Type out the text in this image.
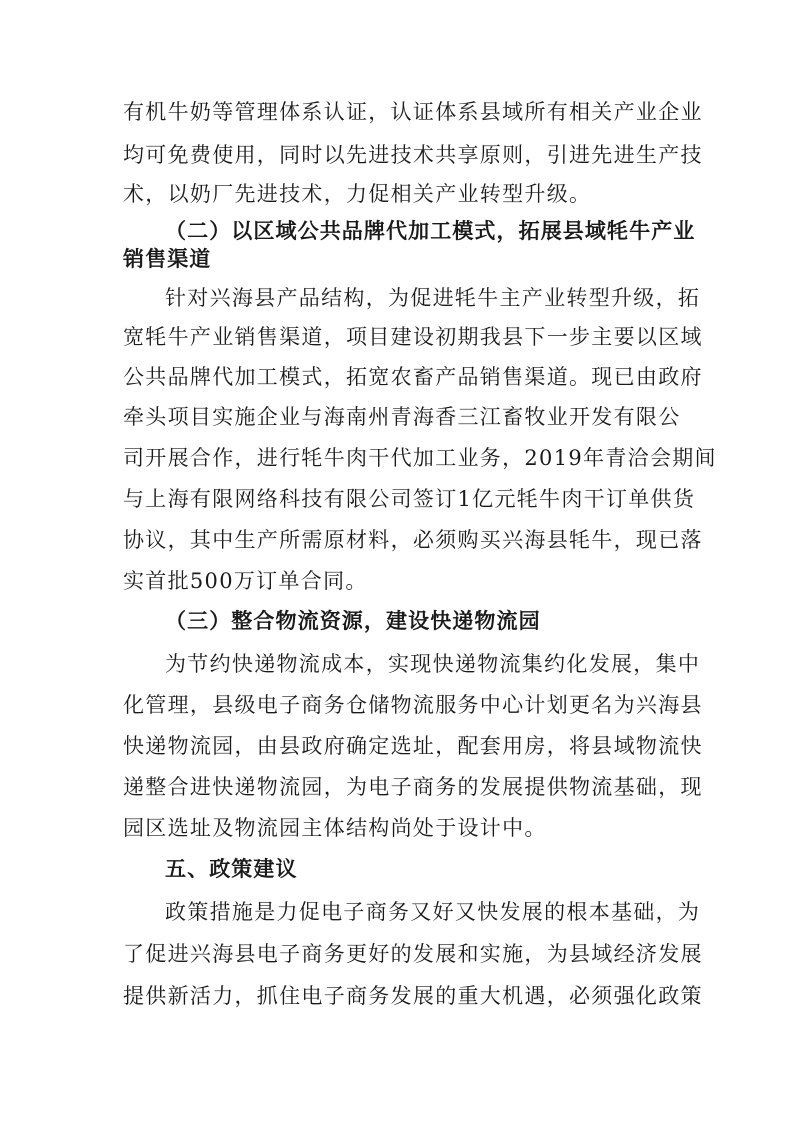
有机牛奶等管理体系认证，认证体系县域所有相关产业企业
均可免费使用，同时以先进技术共享原则，引进先进生产技
术，以奶厂先进技术，力促相关产业转型升级。
（二）以区域公共品牌代加工模式，拓展县域牦牛产业
销售渠道
针对兴海县产品结构，为促进牦牛主产业转型升级，拓
宽牦牛产业销售渠道，项目建设初期我县下一步主要以区域
公共品牌代加工模式，拓宽农畜产品销售渠道。现已由政府
牵头项目实施企业与海南州青海香三江畜牧业开发有限公
司开展合作，进行牦牛肉干代加工业务，2019年青洽会期间
与上海有限网络科技有限公司签订1亿元牦牛肉干订单供货
协议，其中生产所需原材料，必须购买兴海县牦牛，现已落
实首批500万订单合同。
（三）整合物流资源，建设快递物流园
为节约快递物流成本，实现快递物流集约化发展，集中
化管理，县级电子商务仓储物流服务中心计划更名为兴海县
快递物流园，由县政府确定选址，配套用房，将县域物流快
递整合进快递物流园，为电子商务的发展提供物流基础，现
园区选址及物流园主体结构尚处于设计中。
五、政策建议
政策措施是力促电子商务又好又快发展的根本基础，为
了促进兴海县电子商务更好的发展和实施，为县域经济发展
提供新活力，抓住电子商务发展的重大机遇，必须强化政策
